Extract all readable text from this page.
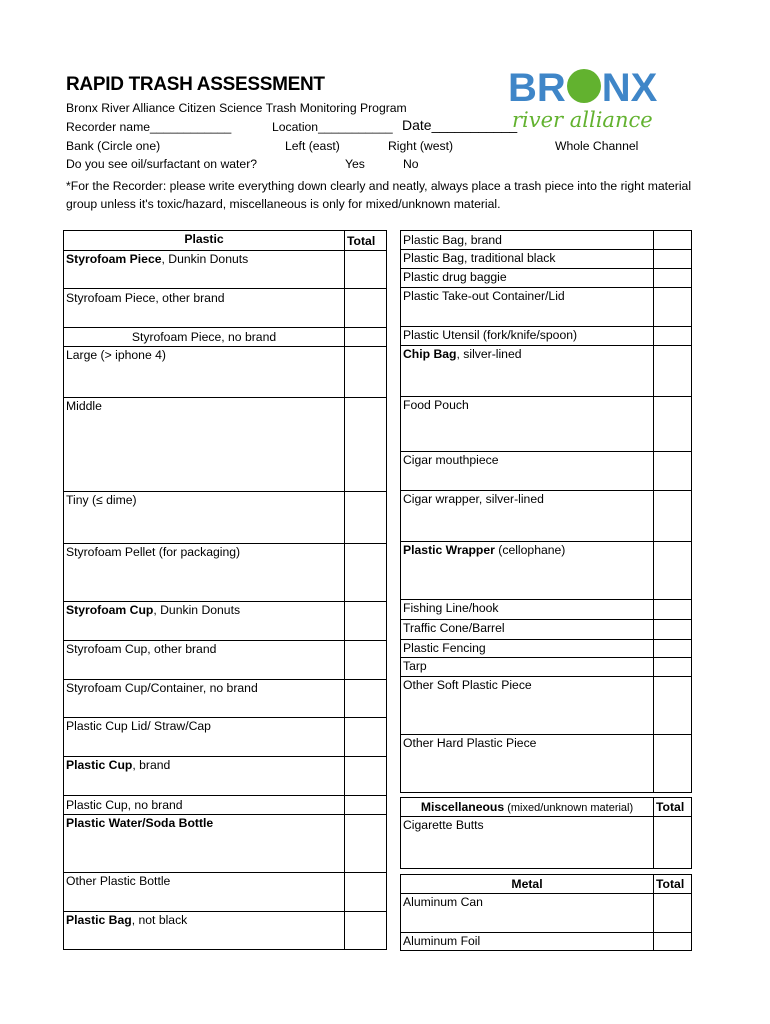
RAPID TRASH ASSESSMENT
Bronx River Alliance Citizen Science Trash Monitoring Program
Recorder name____________	Location___________ Date___________
Bank (Circle one)	Left (east)	Right (west)	Whole Channel
Do you see oil/surfactant on water?	Yes	No
*For the Recorder: please write everything down clearly and neatly, always place a trash piece into the right material group unless it's toxic/hazard, miscellaneous is only for mixed/unknown material.
BR NX
river alliance
Plastic	Total

Styrofoam Piece, Dunkin Donuts	

Styrofoam Piece, other brand	

Styrofoam Piece, no brand	

Large (> iphone 4)	

Middle	

Tiny (≤ dime)	

Styrofoam Pellet (for packaging)	

Styrofoam Cup, Dunkin Donuts	

Styrofoam Cup, other brand	

Styrofoam Cup/Container, no brand	

Plastic Cup Lid/ Straw/Cap	

Plastic Cup, brand	

Plastic Cup, no brand	

Plastic Water/Soda Bottle	

Other Plastic Bottle	

Plastic Bag, not black	

Plastic Bag, brand	

Plastic Bag, traditional black	

Plastic drug baggie	

Plastic Take-out Container/Lid	

Plastic Utensil (fork/knife/spoon)	

Chip Bag, silver-lined	

Food Pouch	

Cigar mouthpiece	

Cigar wrapper, silver-lined	

Plastic Wrapper (cellophane)	

Fishing Line/hook	

Traffic Cone/Barrel	

Plastic Fencing	

Tarp	

Other Soft Plastic Piece	

Other Hard Plastic Piece	

Miscellaneous (mixed/unknown material)	Total

Cigarette Butts	

Metal	Total

Aluminum Can	

Aluminum Foil	
